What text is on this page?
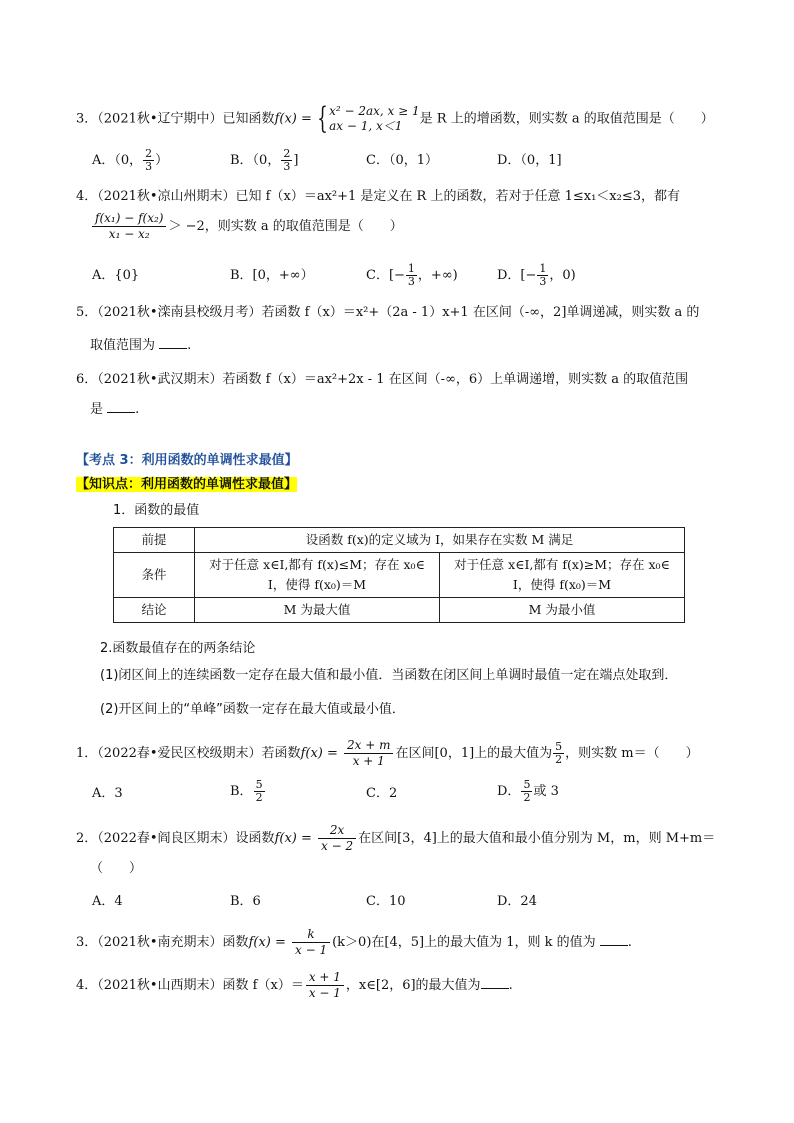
3．（2021秋•辽宁期中）已知函数f(x) = { x² − 2ax, x ≥ 1
ax − 1, x＜1	是 R 上的增函数，则实数 a 的取值范围是（　　）
A．（0， $\frac{2}{3}$ ）	B．（0， $\frac{2}{3}$ ]	C．（0，1）	D．（0，1]
4．（2021秋•凉山州期末）已知 f（x）＝ax²+1 是定义在 R 上的函数，若对于任意 1≤x₁＜x₂≤3，都有
$\frac{\text{f(x₁) − f(x₂)}}{\text{x₁ − x₂}} > -2$，则实数 a 的取值范围是（　　）
A．{0}	B．[0，+∞）	C．[− $\frac{1}{3}$ ，+∞)	D．[− $\frac{1}{3}$ ，0)
5．（2021秋•滦南县校级月考）若函数 f（x）＝x²+（2a - 1）x+1 在区间（-∞，2]单调递减，则实数 a 的
取值范围为 .
6．（2021秋•武汉期末）若函数 f（x）＝ax²+2x - 1 在区间（-∞，6）上单调递增，则实数 a 的取值范围
是 .
【考点 3：利用函数的单调性求最值】
【知识点：利用函数的单调性求最值】
1．函数的最值
前提	设函数 f(x)的定义域为 I，如果存在实数 M 满足	
条件	对于任意 x∈I,都有 f(x)≤M；存在 x₀∈
I，使得 f(x₀)＝M	对于任意 x∈I,都有 f(x)≥M；存在 x₀∈
I，使得 f(x₀)＝M

结论	M 为最大值	M 为最小值
2.函数最值存在的两条结论
(1)闭区间上的连续函数一定存在最大值和最小值．当函数在闭区间上单调时最值一定在端点处取到．
(2)开区间上的“单峰”函数一定存在最大值或最小值．
1．（2022春•爱民区校级期末）若函数$f(x) = \frac{2x + m}{x + 1}$ 在区间[0，1]上的最大值为 $\frac{5}{2}$ ，则实数 m＝（　　）
A．3	B． $\frac{5}{2}$	C．2	D． $\frac{5}{2}$ 或 3
2．（2022春•阎良区期末）设函数$f(x) = \frac{2x}{x - 2}$ 在区间[3，4]上的最大值和最小值分别为 M，m，则 M+m＝
（　　）
A．4	B．6	C．10	D．24
3．（2021秋•南充期末）函数$f(x) = \frac{k}{x - 1} (k>0)$在[4，5]上的最大值为 1，则 k 的值为 .
4．（2021秋•山西期末）函数 $f(x)= \frac{x + 1}{x - 1}$ ，x∈[2，6]的最大值为 .
